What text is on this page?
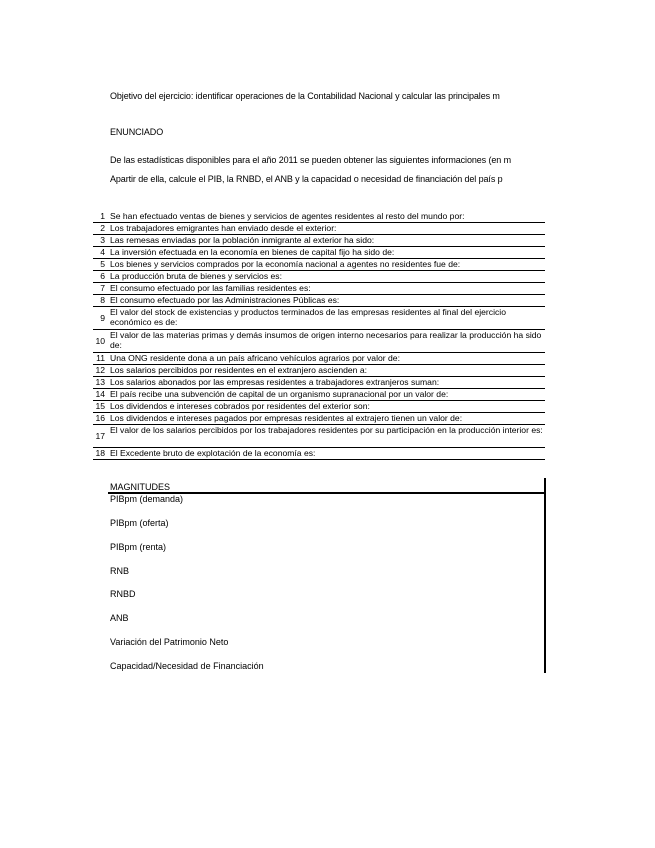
Objetivo del ejercicio: identificar operaciones de la Contabilidad Nacional y calcular las principales m
ENUNCIADO
De las estadísticas disponibles para el año 2011 se pueden obtener las siguientes informaciones (en m
Apartir de ella, calcule el PIB, la RNBD, el ANB y la capacidad o necesidad de financiación del país p
1 Se han efectuado ventas de bienes y servicios de agentes residentes al resto del mundo por:
2 Los trabajadores emigrantes han enviado desde el exterior:
3 Las remesas enviadas por la población inmigrante al exterior ha sido:
4 La inversión efectuada en la economía en bienes de capital fijo ha sido de:
5 Los bienes y servicios comprados por la economía nacional a agentes no residentes fue de:
6 La producción bruta de bienes y servicios es:
7 El consumo efectuado por las familias residentes es:
8 El consumo efectuado por las Administraciones Públicas es:
9
El valor del stock de existencias y productos terminados de las empresas residentes al final del ejercicio económico es de:
10
El valor de las materias primas y demás insumos de origen interno necesarios para realizar la producción ha sido de:
11 Una ONG residente dona a un país africano vehículos agrarios por valor de:
12 Los salarios percibidos por residentes en el extranjero ascienden a:
13 Los salarios abonados por las empresas residentes a trabajadores extranjeros suman:
14 El país recibe una subvención de capital de un organismo supranacional por un valor de:
15 Los dividendos e intereses cobrados por residentes del exterior son:
16 Los dividendos e intereses pagados por empresas residentes al extrajero tienen un valor de:
17
El valor de los salarios percibidos por los trabajadores residentes por su participación en la producción interior es:
18 El Excedente bruto de explotación de la economía es:
MAGNITUDES
PIBpm (demanda)
PIBpm (oferta)
PIBpm (renta)
RNB
RNBD
ANB
Variación del Patrimonio Neto
Capacidad/Necesidad de Financiación
